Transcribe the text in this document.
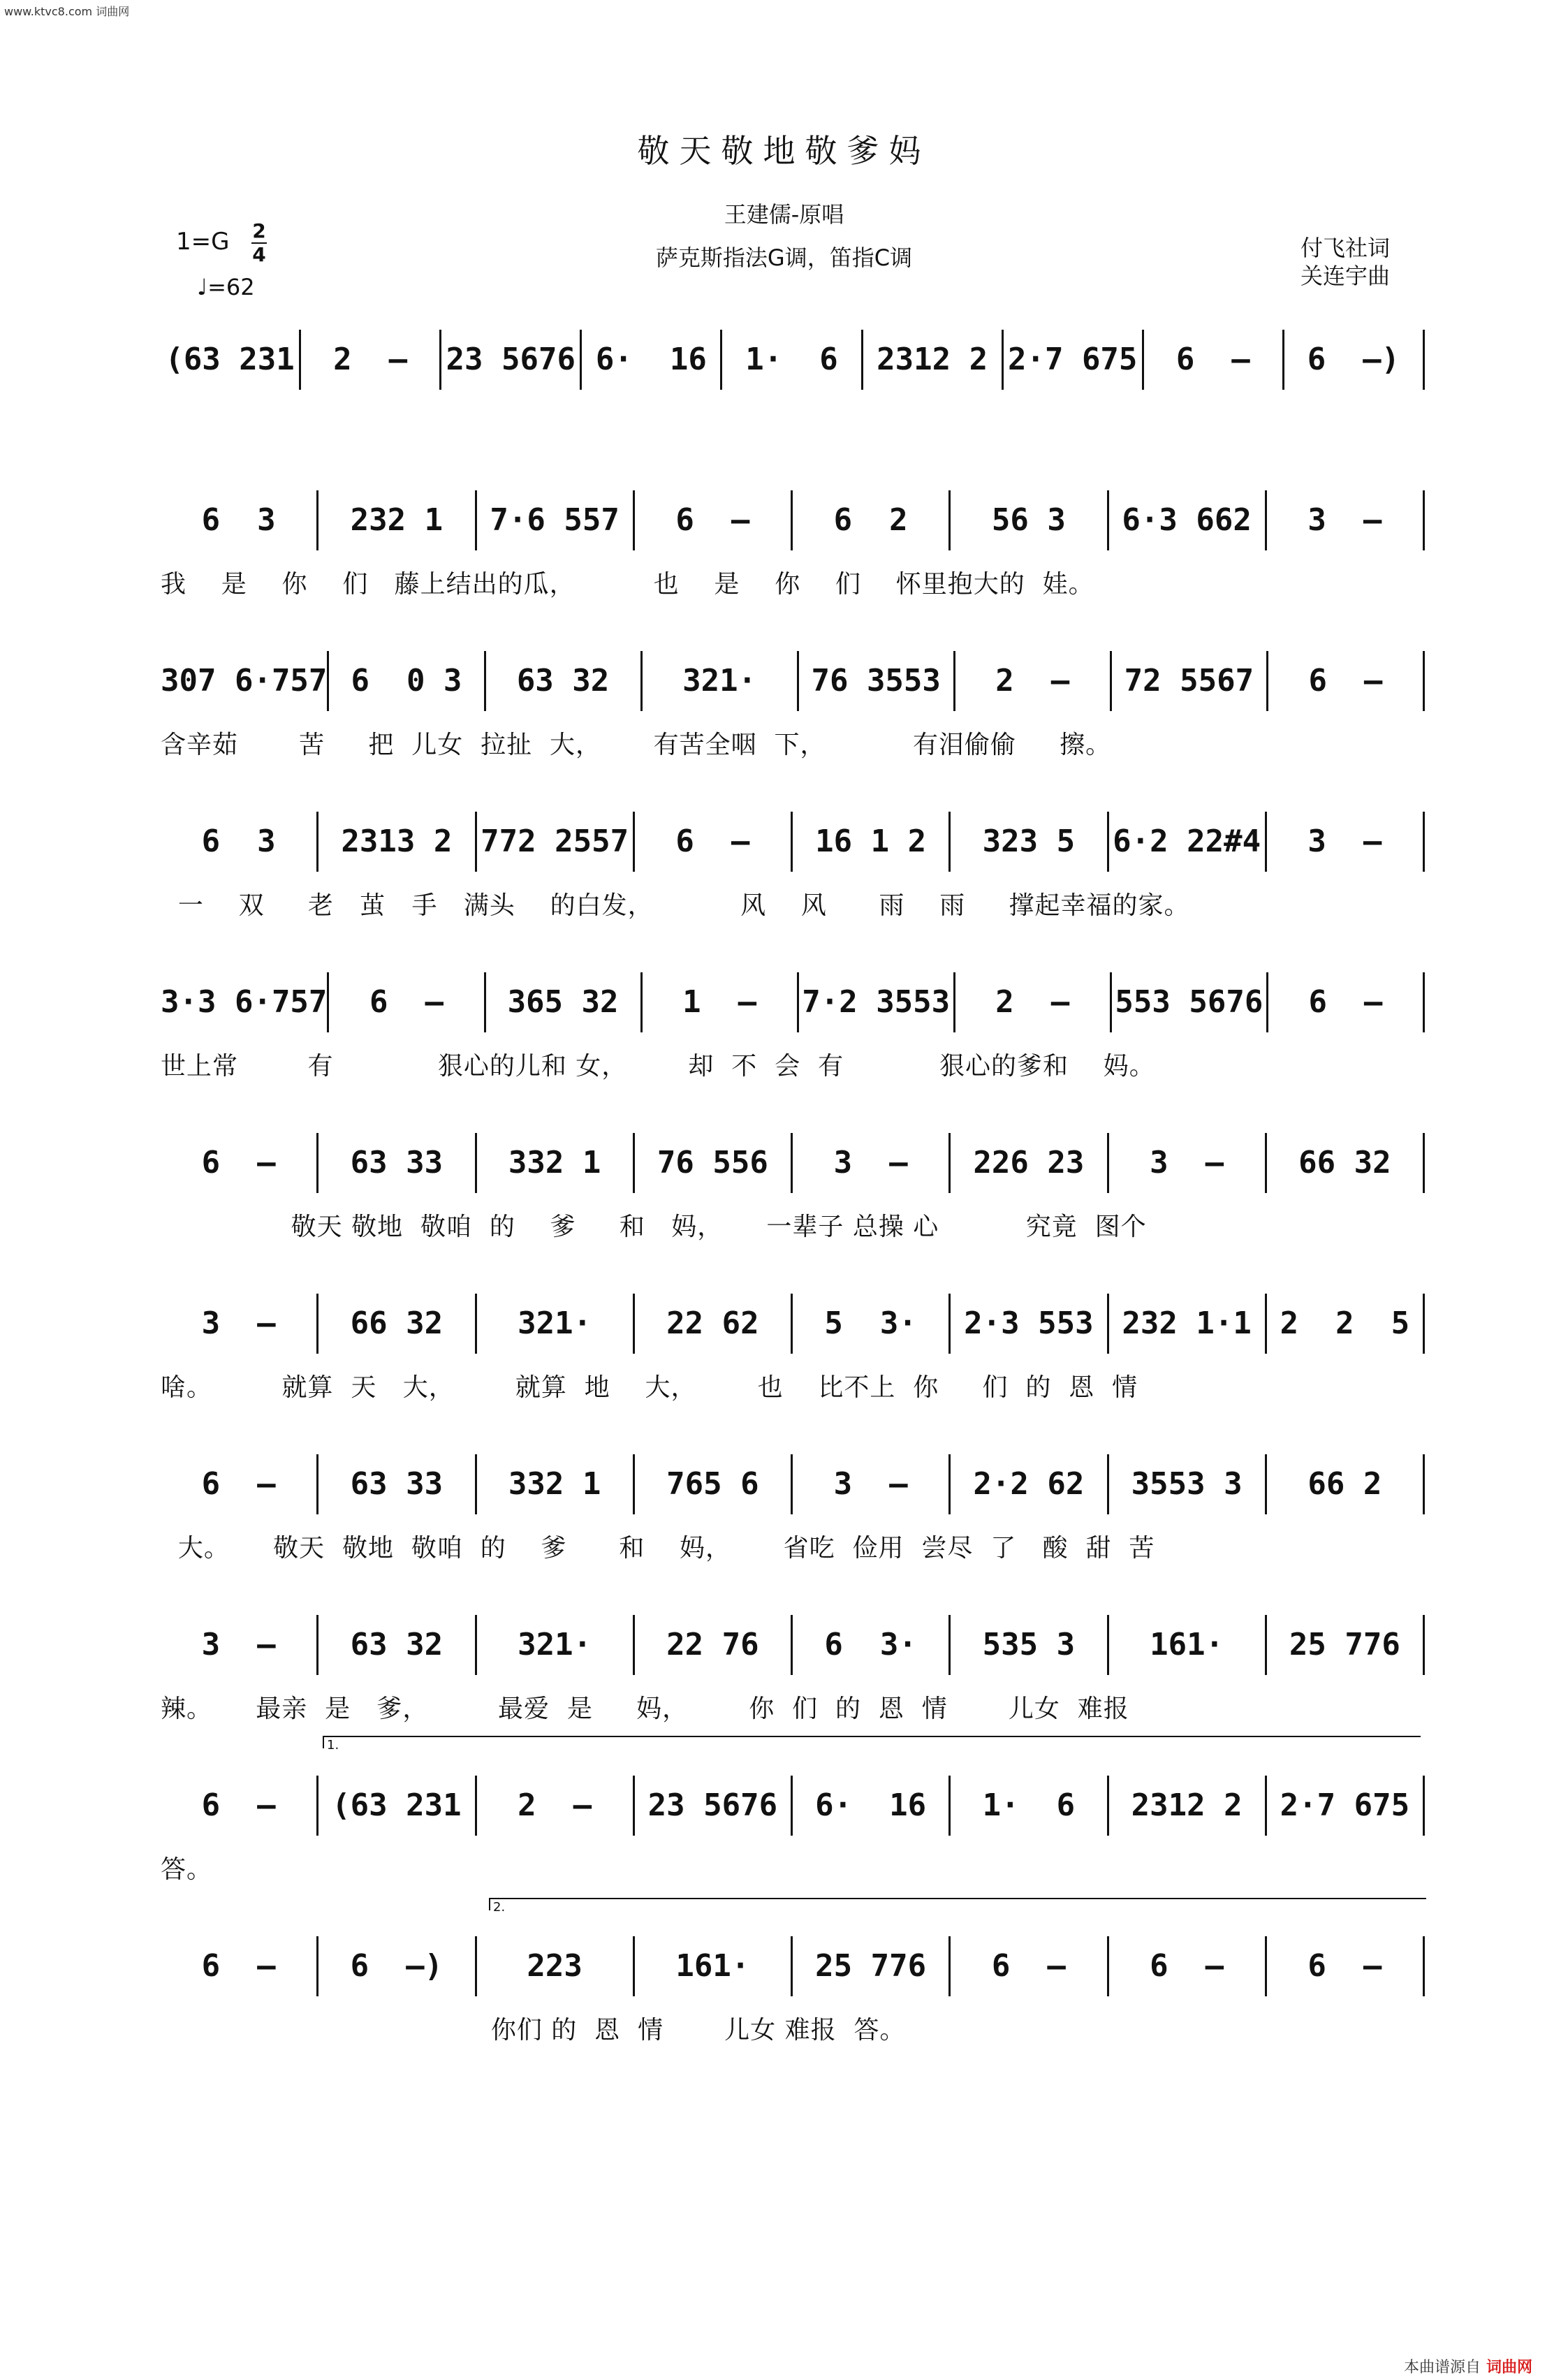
www.ktvc8.com 词曲网
敬天敬地敬爹妈
王建儒-原唱
萨克斯指法G调，笛指C调
1=G 2
4
♩=62
付飞社词
关连宇曲
(63 231	2  –	23 5676 6·  16	1·  6	2312 2 2·7 675	6  –	6  –)
6  3	232 1	7·6 557	6  –	6  2	56 3	6·3 662	3  –
我    是    你    们   藤上结出的瓜，         也    是    你    们    怀里抱大的  娃。
307 6·757 6  0 3	63 32	321·	76 3553	2  –	72 5567	6  –
含辛茹       苦     把  儿女  拉扯  大，      有苦全咽  下，          有泪偷偷     擦。
6  3	2313 2 772 2557	6  –	16 1 2	323 5	6·2 22#4	3  –
一    双     老   茧   手   满头    的白发，          风    风      雨    雨     撑起幸福的家。
3·3 6·757	6  –	365 32	1  –	7·2 3553	2  –	553 5676	6  –
世上常        有            狠心的儿和 女，       却  不  会  有           狠心的爹和    妈。
6  –	63 33	332 1	76 556	3  –	226 23	3  –	66 32
敬天 敬地  敬咱  的    爹     和   妈，     一辈子 总操 心          究竟  图个
3  –	66 32	321·	22 62	5  3·	2·3 553 232 1·1 2  2  5
啥。        就算  天   大，       就算  地    大，       也    比不上  你     们  的  恩  情
6  –	63 33	332 1	765 6	3  –	2·2 62	3553 3	66 2
大。     敬天  敬地  敬咱  的    爹      和    妈，      省吃  俭用  尝尽  了   酸  甜  苦
3  –	63 32	321·	22 76	6  3·	535 3	161·	25 776
辣。     最亲  是   爹，        最爱  是     妈，       你  们  的  恩  情       儿女  难报
6  –	(63 231	2  –	23 5676	6·  16	1·  6	2312 2	2·7 675
答。
6  –	6  –)	223	161·	25 776	6  –	6  –	6  –
你们 的  恩  情       儿女 难报  答。
1.
2.
本曲谱源自 词曲网
